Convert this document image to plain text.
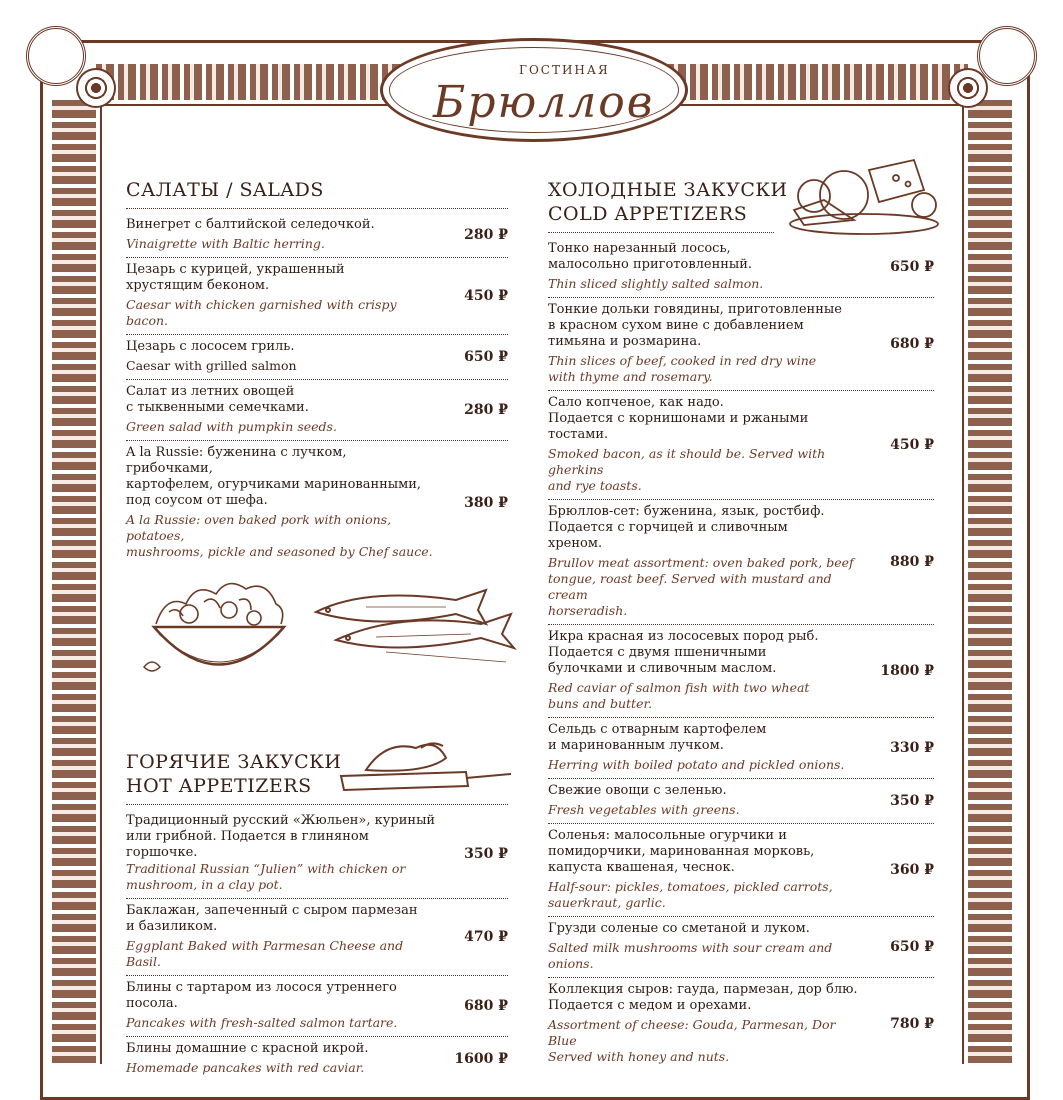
ГОСТИНАЯ
Брюллов
САЛАТЫ / SALADS
Винегрет с балтийской селедочкой.
Vinaigrette with Baltic herring.
280 ₽
Цезарь с курицей, украшенный
хрустящим беконом.
Caesar with chicken garnished with crispy bacon.
450 ₽
Цезарь с лососем гриль.
Caesar with grilled salmon
650 ₽
Салат из летних овощей
с тыквенными семечками.
Green salad with pumpkin seeds.
280 ₽
A la Russie: буженина с лучком, грибочками,
картофелем, огурчиками маринованными,
под соусом от шефа.
A la Russie: oven baked pork with onions, potatoes,
mushrooms, pickle and seasoned by Chef sauce.
380 ₽
ГОРЯЧИЕ ЗАКУСКИ
HOT APPETIZERS
Традиционный русский «Жюльен», куриный
или грибной. Подается в глиняном горшочке.
Traditional Russian “Julien” with chicken or
mushroom, in a clay pot.
350 ₽
Баклажан, запеченный с сыром пармезан
и базиликом.
Eggplant Baked with Parmesan Cheese and Basil.
470 ₽
Блины с тартаром из лосося утреннего посола.
Pancakes with fresh-salted salmon tartare.
680 ₽
Блины домашние с красной икрой.
Homemade pancakes with red caviar.
1600 ₽
ХОЛОДНЫЕ ЗАКУСКИ
COLD APPETIZERS
Тонко нарезанный лосось,
малосольно приготовленный.
Thin sliced slightly salted salmon.
650 ₽
Тонкие дольки говядины, приготовленные
в красном сухом вине с добавлением
тимьяна и розмарина.
Thin slices of beef, cooked in red dry wine
with thyme and rosemary.
680 ₽
Сало копченое, как надо.
Подается с корнишонами и ржаными
тостами.
Smoked bacon, as it should be. Served with gherkins
and rye toasts.
450 ₽
Брюллов-сет: буженина, язык, ростбиф.
Подается с горчицей и сливочным
хреном.
Brullov meat assortment: oven baked pork, beef
tongue, roast beef. Served with mustard and cream
horseradish.
880 ₽
Икра красная из лососевых пород рыб.
Подается с двумя пшеничными
булочками и сливочным маслом.
Red caviar of salmon fish with two wheat
buns and butter.
1800 ₽
Сельдь с отварным картофелем
и маринованным лучком.
Herring with boiled potato and pickled onions.
330 ₽
Свежие овощи с зеленью.
Fresh vegetables with greens.
350 ₽
Соленья: малосольные огурчики и
помидорчики, маринованная морковь,
капуста квашеная, чеснок.
Half-sour: pickles, tomatoes, pickled carrots,
sauerkraut, garlic.
360 ₽
Грузди соленые со сметаной и луком.
Salted milk mushrooms with sour cream and onions.
650 ₽
Коллекция сыров: гауда, пармезан, дор блю.
Подается с медом и орехами.
Assortment of cheese: Gouda, Parmesan, Dor Blue
Served with honey and nuts.
780 ₽
